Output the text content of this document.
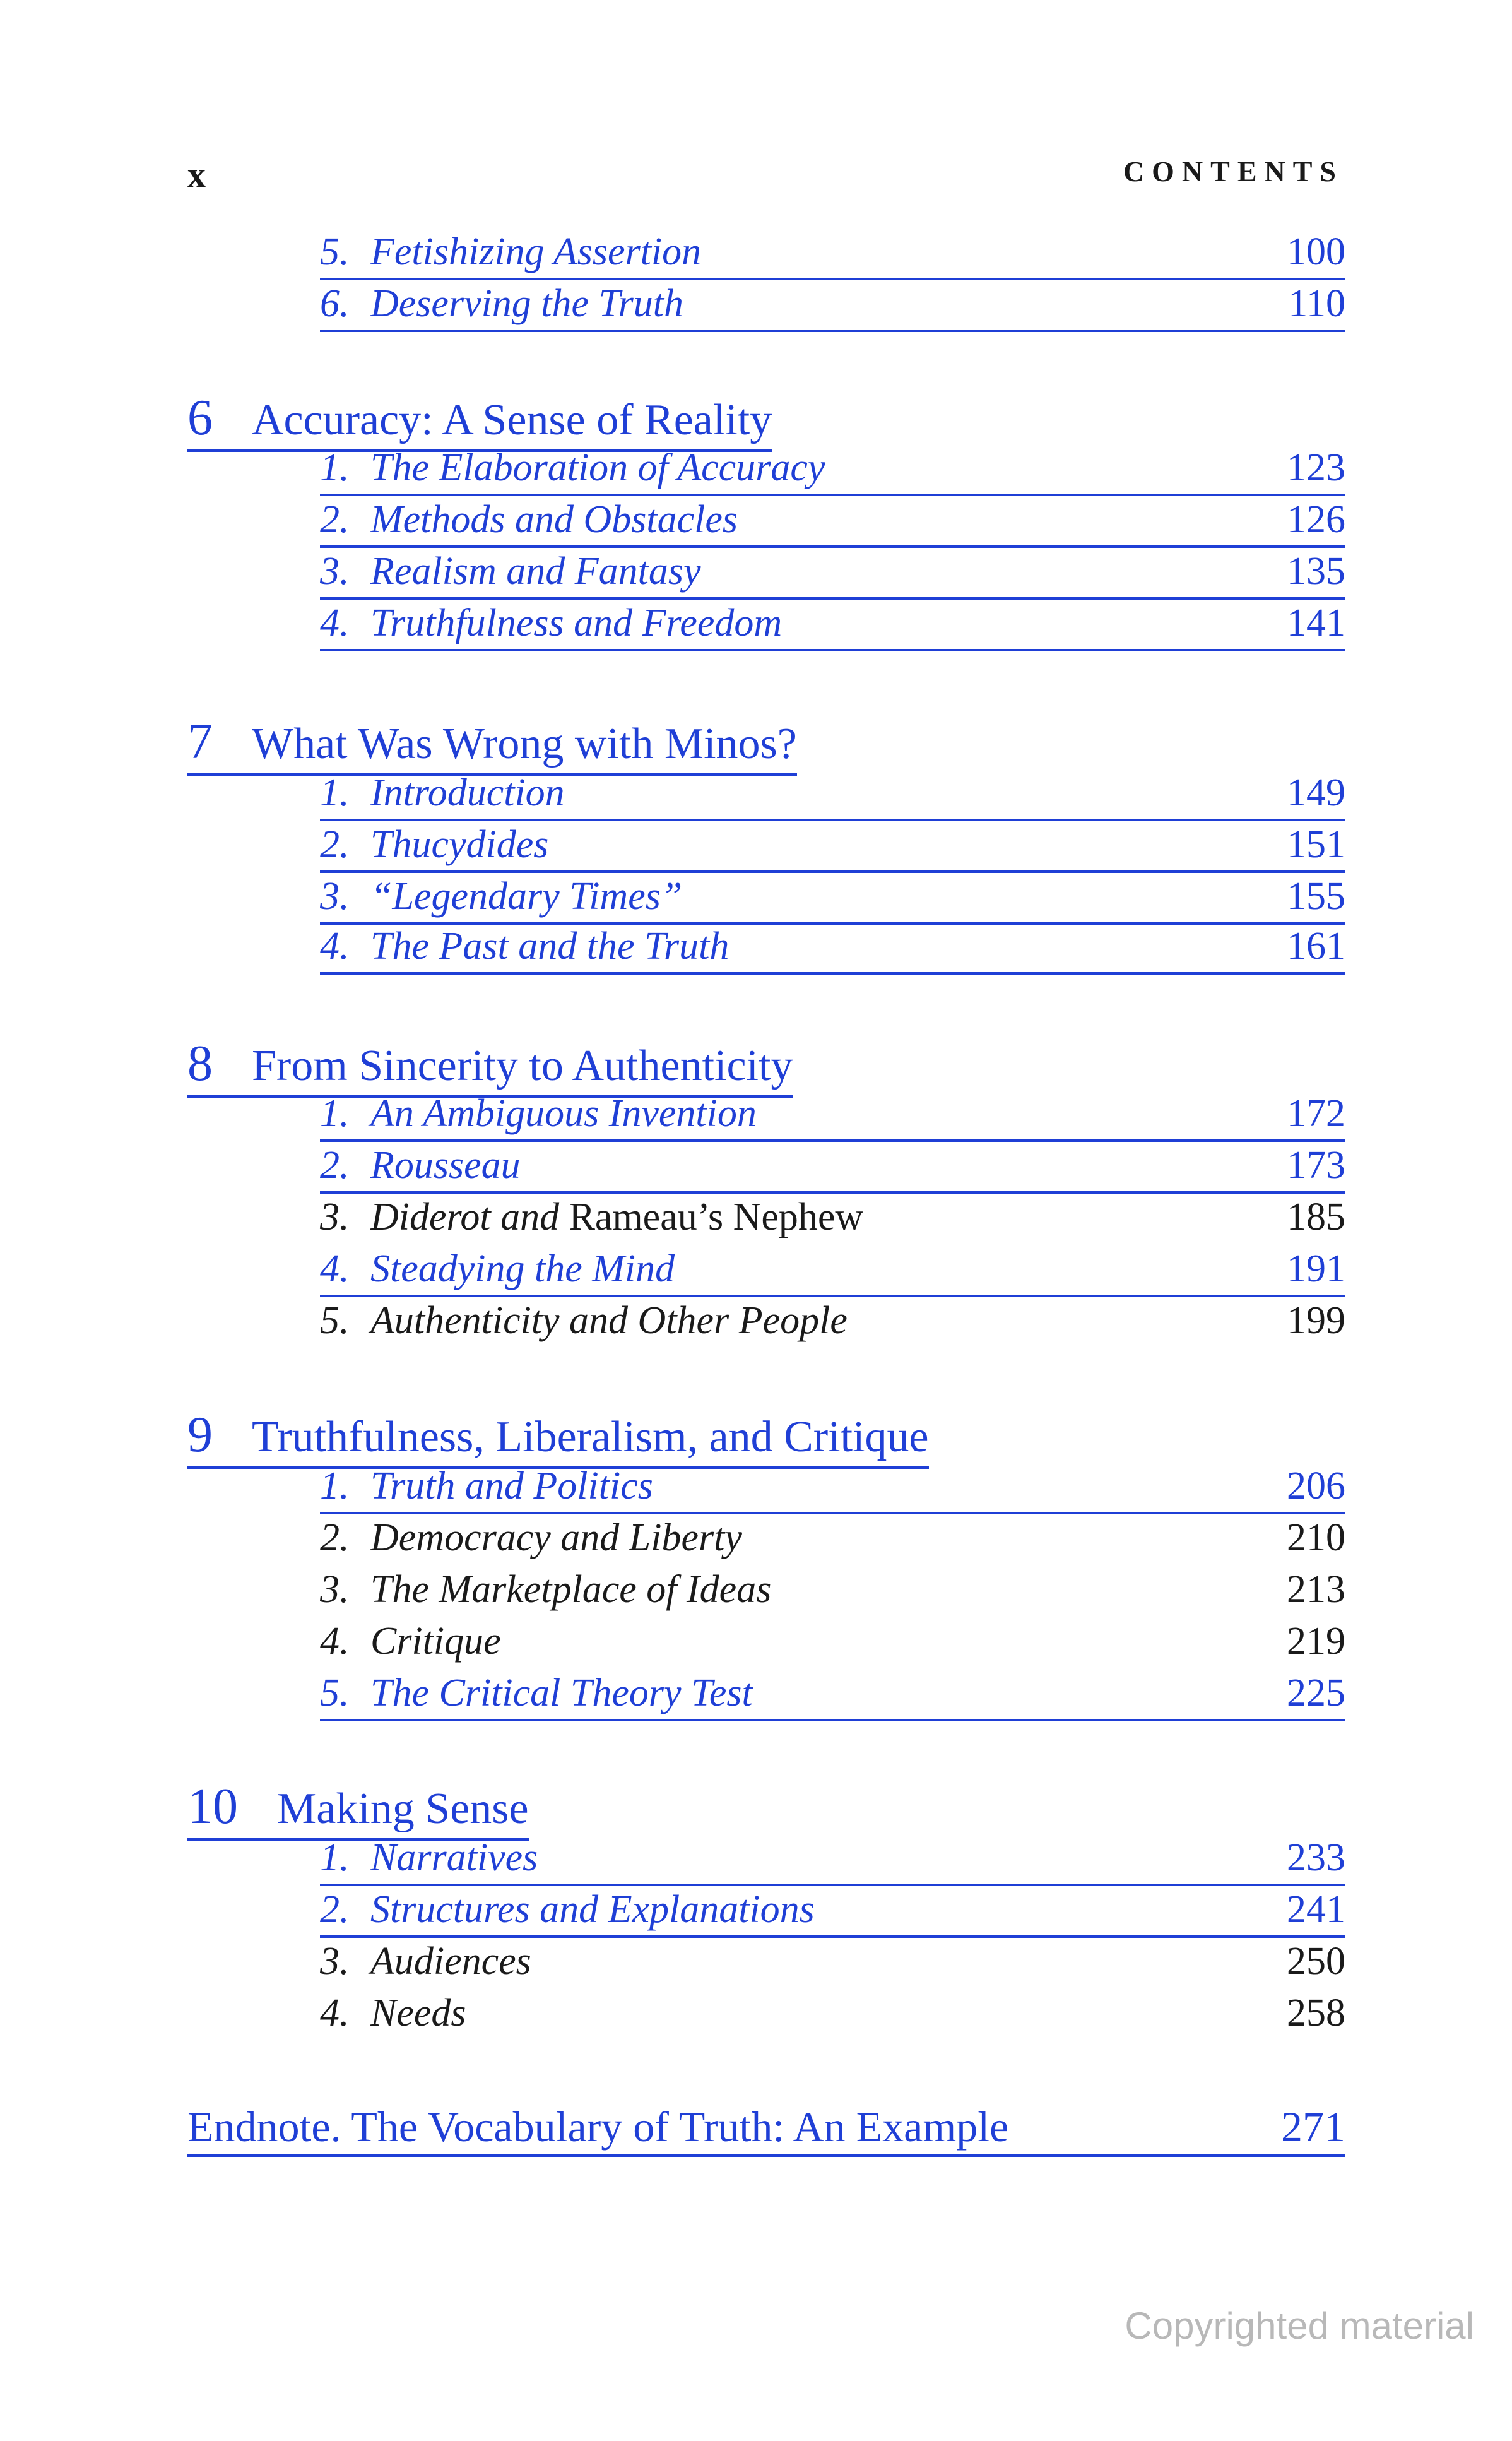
x	CONTENTS
5. Fetishizing Assertion	100
6. Deserving the Truth	110
6 Accuracy: A Sense of Reality
1. The Elaboration of Accuracy	123
2. Methods and Obstacles	126
3. Realism and Fantasy	135
4. Truthfulness and Freedom	141
7 What Was Wrong with Minos?
1. Introduction	149
2. Thucydides	151
3. “Legendary Times”	155
4. The Past and the Truth	161
8 From Sincerity to Authenticity
1. An Ambiguous Invention	172
2. Rousseau	173
3. Diderot and Rameau’s Nephew	185
4. Steadying the Mind	191
5. Authenticity and Other People	199
9 Truthfulness, Liberalism, and Critique
1. Truth and Politics	206
2. Democracy and Liberty	210
3. The Marketplace of Ideas	213
4. Critique	219
5. The Critical Theory Test	225
10 Making Sense
1. Narratives	233
2. Structures and Explanations	241
3. Audiences	250
4. Needs	258
Endnote. The Vocabulary of Truth: An Example	271
Copyrighted material
